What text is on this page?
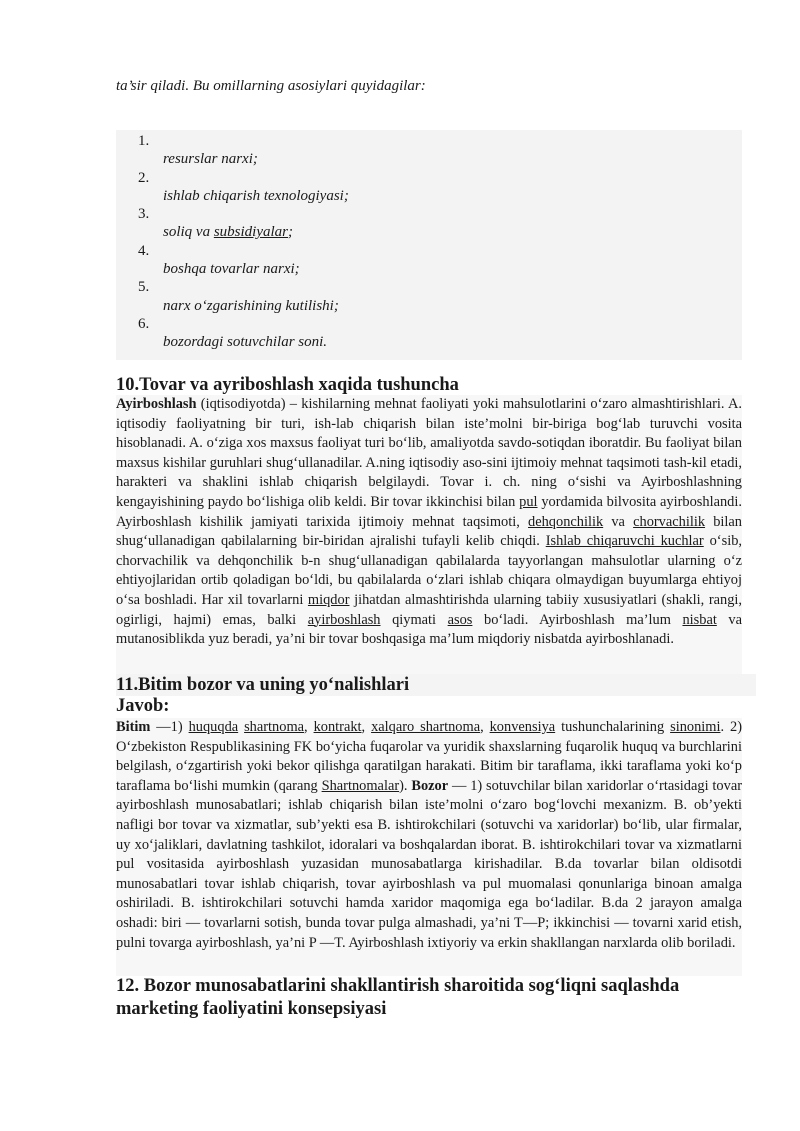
ta’sir qiladi. Bu omillarning asosiylari quyidagilar:
1.
resurslar narxi;
2.
ishlab chiqarish texnologiyasi;
3.
soliq va subsidiyalar;
4.
boshqa tovarlar narxi;
5.
narx o‘zgarishining kutilishi;
6.
bozordagi sotuvchilar soni.
10.Tovar va ayriboshlash xaqida tushuncha

Ayirboshlash (iqtisodiyotda) – kishilarning mehnat faoliyati yoki mahsulotlarini o‘zaro almashtirishlari. A. iqtisodiy faoliyatning bir turi, ish-lab chiqarish bilan iste’molni bir-biriga bog‘lab turuvchi vosita hisoblanadi. A. o‘ziga xos maxsus faoliyat turi bo‘lib, amaliyotda savdo-sotiqdan iboratdir. Bu faoliyat bilan maxsus kishilar guruhlari shug‘ullanadilar. A.ning iqtisodiy aso-sini ijtimoiy mehnat taqsimoti tash-kil etadi, harakteri va shaklini ishlab chiqarish belgilaydi. Tovar i. ch. ning o‘sishi va Ayirboshlashning kengayishining paydo bo‘lishiga olib keldi. Bir tovar ikkinchisi bilan pul yordamida bilvosita ayirboshlandi. Ayirboshlash kishilik jamiyati tarixida ijtimoiy mehnat taqsimoti, dehqonchilik va chorvachilik bilan shug‘ullanadigan qabilalarning bir-biridan ajralishi tufayli kelib chiqdi. Ishlab chiqaruvchi kuchlar o‘sib, chorvachilik va dehqonchilik b-n shug‘ullanadigan qabilalarda tayyorlangan mahsulotlar ularning o‘z ehtiyojlaridan ortib qoladigan bo‘ldi, bu qabilalarda o‘zlari ishlab chiqara olmaydigan buyumlarga ehtiyoj o‘sa boshladi. Har xil tovarlarni miqdor jihatdan almashtirishda ularning tabiiy xususiyatlari (shakli, rangi, ogirligi, hajmi) emas, balki ayirboshlash qiymati asos bo‘ladi. Ayirboshlash ma’lum nisbat va mutanosiblikda yuz beradi, ya’ni bir tovar boshqasiga ma’lum miqdoriy nisbatda ayirboshlanadi.

11.Bitim bozor va uning yo‘nalishlari
Javob:

Bitim —1) huquqda shartnoma, kontrakt, xalqaro shartnoma, konvensiya tushunchalarining sinonimi. 2) O‘zbekiston Respublikasining FK bo‘yicha fuqarolar va yuridik shaxslarning fuqarolik huquq va burchlarini belgilash, o‘zgartirish yoki bekor qilishga qaratilgan harakati. Bitim bir taraflama, ikki taraflama yoki ko‘p taraflama bo‘lishi mumkin (qarang Shartnomalar). Bozor — 1) sotuvchilar bilan xaridorlar o‘rtasidagi tovar ayirboshlash munosabatlari; ishlab chiqarish bilan iste’molni o‘zaro bog‘lovchi mexanizm. B. ob’yekti nafligi bor tovar va xizmatlar, sub’yekti esa B. ishtirokchilari (sotuvchi va xaridorlar) bo‘lib, ular firmalar, uy xo‘jaliklari, davlatning tashkilot, idoralari va boshqalardan iborat. B. ishtirokchilari tovar va xizmatlarni pul vositasida ayirboshlash yuzasidan munosabatlarga kirishadilar. B.da tovarlar bilan oldisotdi munosabatlari tovar ishlab chiqarish, tovar ayirboshlash va pul muomalasi qonunlariga binoan amalga oshiriladi. B. ishtirokchilari sotuvchi hamda xaridor maqomiga ega bo‘ladilar. B.da 2 jarayon amalga oshadi: biri — tovarlarni sotish, bunda tovar pulga almashadi, ya’ni T—P; ikkinchisi — tovarni xarid etish, pulni tovarga ayirboshlash, ya’ni P —T. Ayirboshlash ixtiyoriy va erkin shakllangan narxlarda olib boriladi.

12. Bozor munosabatlarini shakllantirish sharoitida sog‘liqni saqlashda marketing faoliyatini konsepsiyasi
